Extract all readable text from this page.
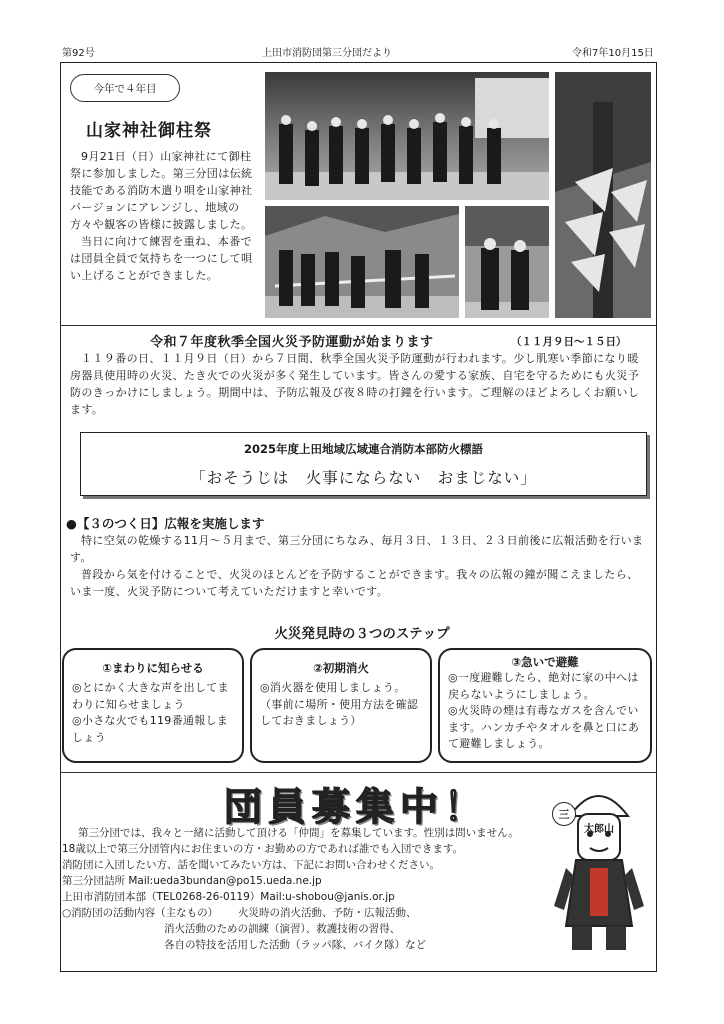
第92号	上田市消防団第三分団だより	令和7年10月15日
今年で４年目
山家神社御柱祭
9月21日（日）山家神社にて御柱祭に参加しました。第三分団は伝統技能である消防木遣り唄を山家神社バージョンにアレンジし、地域の方々や観客の皆様に披露しました。
当日に向けて練習を重ね、本番では団員全員で気持ちを一つにして唄い上げることができました。
令和７年度秋季全国火災予防運動が始まります	（１１月９日～１５日）
１１９番の日、１１月９日（日）から７日間、秋季全国火災予防運動が行われます。少し肌寒い季節になり暖房器具使用時の火災、たき火での火災が多く発生しています。皆さんの愛する家族、自宅を守るためにも火災予防のきっかけにしましょう。期間中は、予防広報及び夜８時の打鐘を行います。ご理解のほどよろしくお願いします。
2025年度上田地域広域連合消防本部防火標語
「おそうじは　火事にならない　おまじない」
●【３のつく日】広報を実施します
特に空気の乾燥する11月～５月まで、第三分団にちなみ、毎月３日、１３日、２３日前後に広報活動を行います。
普段から気を付けることで、火災のほとんどを予防することができます。我々の広報の鐘が聞こえましたら、いま一度、火災予防について考えていただけますと幸いです。
火災発見時の３つのステップ
①まわりに知らせる
◎とにかく大きな声を出してまわりに知らせましょう
◎小さな火でも119番通報しましょう
②初期消火
◎消火器を使用しましょう。
（事前に場所・使用方法を確認しておきましょう）
③急いで避難
◎一度避難したら、絶対に家の中へは戻らないようにしましょう。
◎火災時の煙は有毒なガスを含んでいます。ハンカチやタオルを鼻と口にあて避難しましょう。
団員募集中！
第三分団では、我々と一緒に活動して頂ける「仲間」を募集しています。性別は問いません。
18歳以上で第三分団管内にお住まいの方・お勤めの方であれば誰でも入団できます。
消防団に入団したい方、話を聞いてみたい方は、下記にお問い合わせください。
第三分団詰所 Mail:ueda3bundan@po15.ueda.ne.jp
上田市消防団本部（TEL0268-26-0119）Mail:u-shobou@janis.or.jp
○消防団の活動内容（主なもの） 火災時の消火活動、予防・広報活動、
消火活動のための訓練（演習）、救護技術の習得、
各自の特技を活用した活動（ラッパ隊、バイク隊）など
三
太郎山
